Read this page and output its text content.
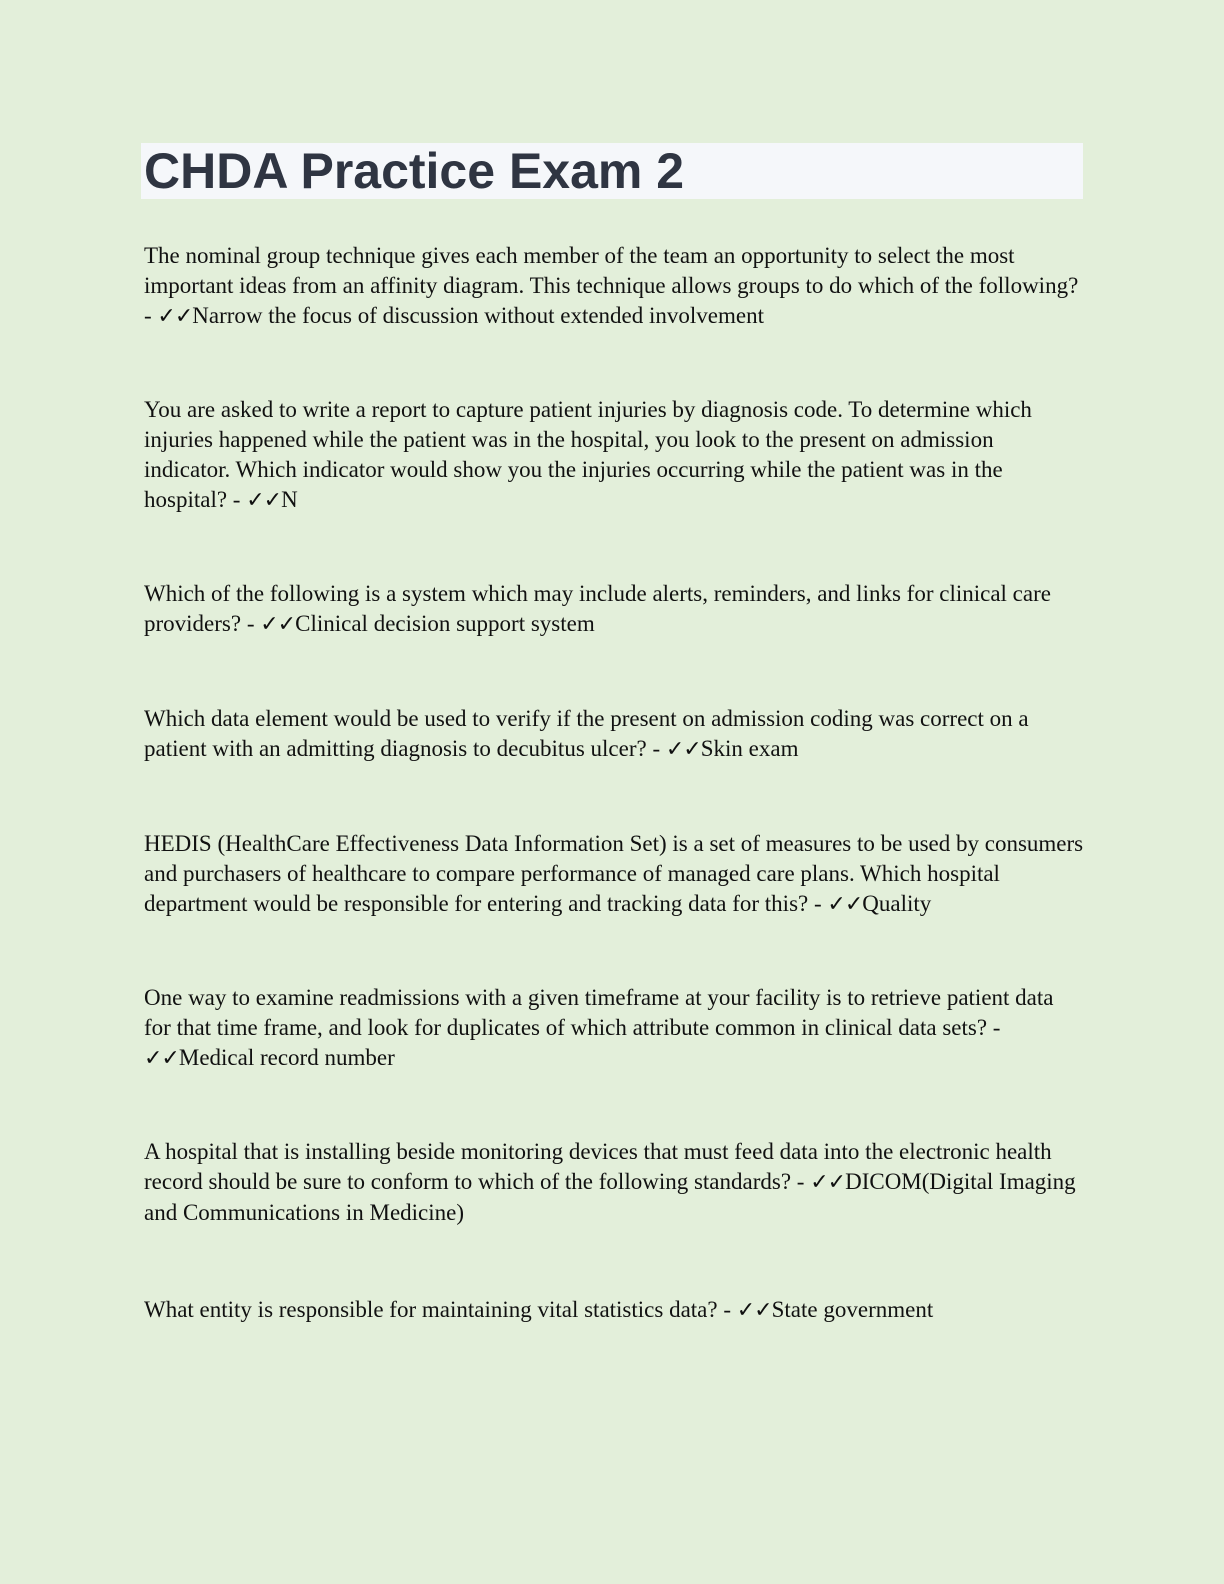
CHDA Practice Exam 2

The nominal group technique gives each member of the team an opportunity to select the most important ideas from an affinity diagram. This technique allows groups to do which of the following? - ✓✓Narrow the focus of discussion without extended involvement

You are asked to write a report to capture patient injuries by diagnosis code. To determine which injuries happened while the patient was in the hospital, you look to the present on admission indicator. Which indicator would show you the injuries occurring while the patient was in the hospital? - ✓✓N

Which of the following is a system which may include alerts, reminders, and links for clinical care providers? - ✓✓Clinical decision support system

Which data element would be used to verify if the present on admission coding was correct on a patient with an admitting diagnosis to decubitus ulcer? - ✓✓Skin exam

HEDIS (HealthCare Effectiveness Data Information Set) is a set of measures to be used by consumers and purchasers of healthcare to compare performance of managed care plans. Which hospital department would be responsible for entering and tracking data for this? - ✓✓Quality

One way to examine readmissions with a given timeframe at your facility is to retrieve patient data for that time frame, and look for duplicates of which attribute common in clinical data sets? - ✓✓Medical record number

A hospital that is installing beside monitoring devices that must feed data into the electronic health record should be sure to conform to which of the following standards? - ✓✓DICOM(Digital Imaging and Communications in Medicine)

What entity is responsible for maintaining vital statistics data? - ✓✓State government
